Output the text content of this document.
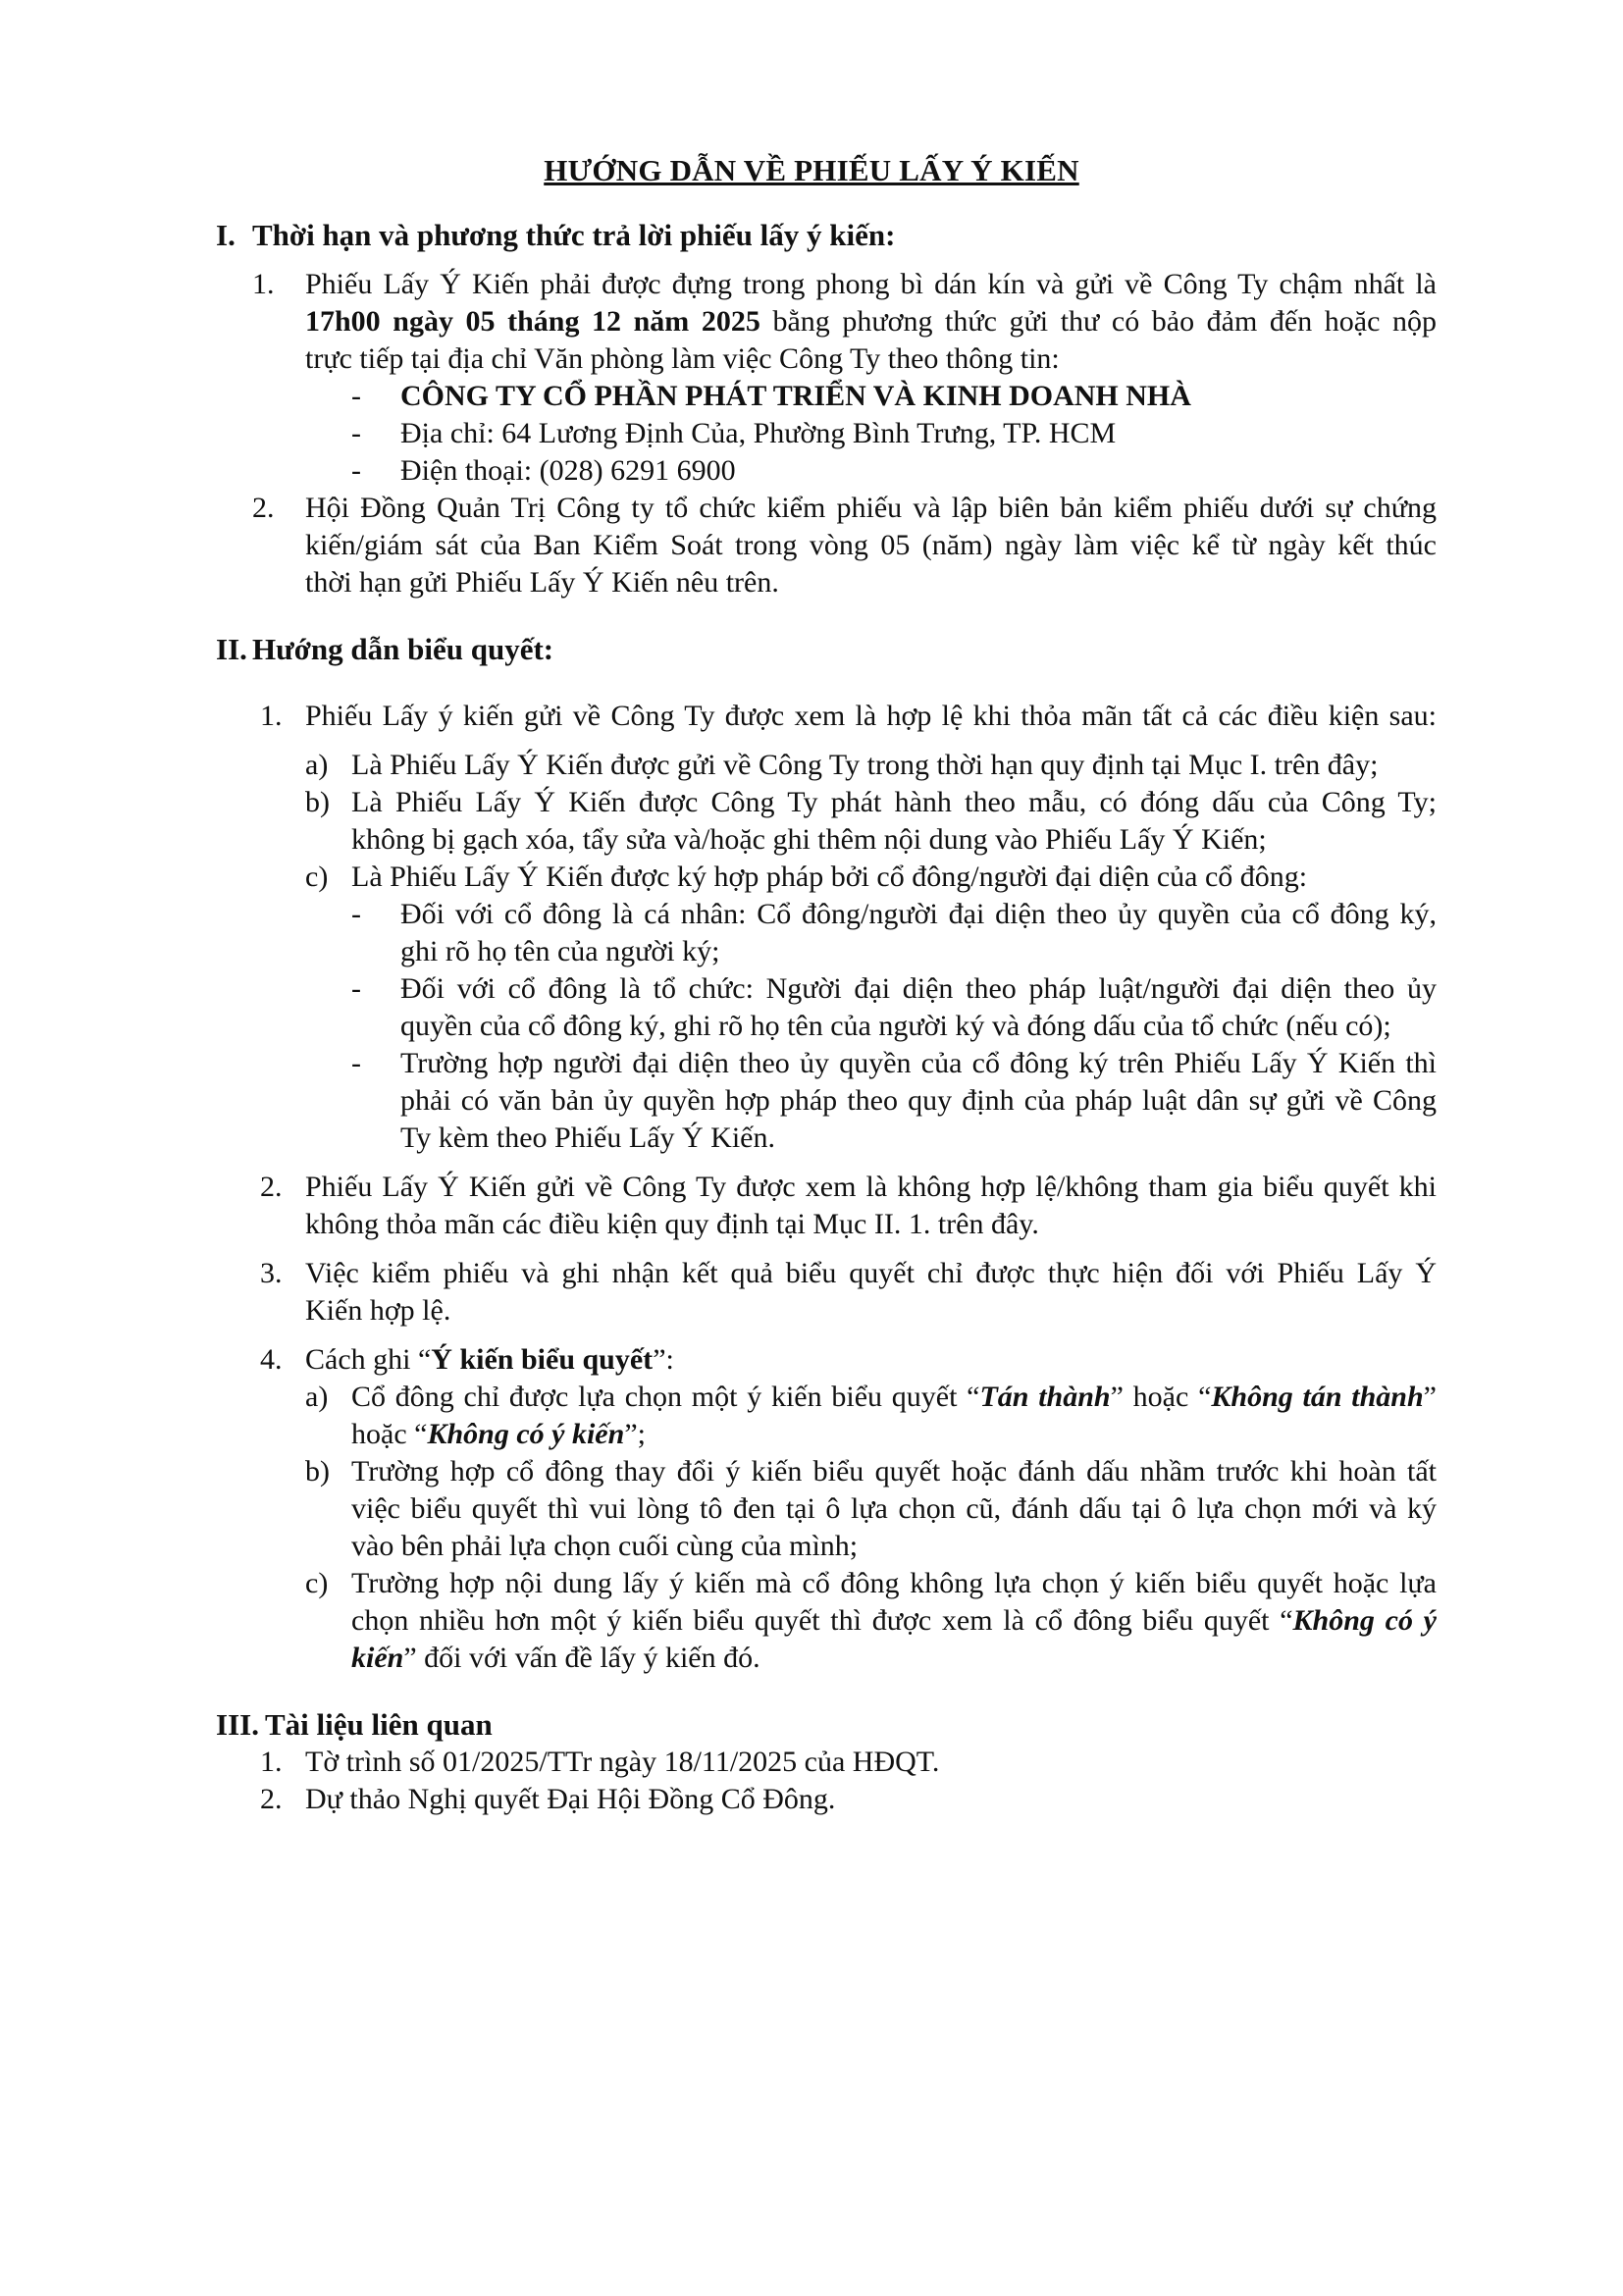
HƯỚNG DẪN VỀ PHIẾU LẤY Ý KIẾN
I. Thời hạn và phương thức trả lời phiếu lấy ý kiến:
1. Phiếu Lấy Ý Kiến phải được đựng trong phong bì dán kín và gửi về Công Ty chậm nhất là
17h00 ngày 05 tháng 12 năm 2025 bằng phương thức gửi thư có bảo đảm đến hoặc nộp
trực tiếp tại địa chỉ Văn phòng làm việc Công Ty theo thông tin:
- CÔNG TY CỔ PHẦN PHÁT TRIỂN VÀ KINH DOANH NHÀ
- Địa chỉ: 64 Lương Định Của, Phường Bình Trưng, TP. HCM
- Điện thoại: (028) 6291 6900
2. Hội Đồng Quản Trị Công ty tổ chức kiểm phiếu và lập biên bản kiểm phiếu dưới sự chứng
kiến/giám sát của Ban Kiểm Soát trong vòng 05 (năm) ngày làm việc kể từ ngày kết thúc
thời hạn gửi Phiếu Lấy Ý Kiến nêu trên.
II. Hướng dẫn biểu quyết:
1. Phiếu Lấy ý kiến gửi về Công Ty được xem là hợp lệ khi thỏa mãn tất cả các điều kiện sau:
a) Là Phiếu Lấy Ý Kiến được gửi về Công Ty trong thời hạn quy định tại Mục I. trên đây;
b) Là Phiếu Lấy Ý Kiến được Công Ty phát hành theo mẫu, có đóng dấu của Công Ty;
không bị gạch xóa, tẩy sửa và/hoặc ghi thêm nội dung vào Phiếu Lấy Ý Kiến;
c) Là Phiếu Lấy Ý Kiến được ký hợp pháp bởi cổ đông/người đại diện của cổ đông:
- Đối với cổ đông là cá nhân: Cổ đông/người đại diện theo ủy quyền của cổ đông ký,
ghi rõ họ tên của người ký;
- Đối với cổ đông là tổ chức: Người đại diện theo pháp luật/người đại diện theo ủy
quyền của cổ đông ký, ghi rõ họ tên của người ký và đóng dấu của tổ chức (nếu có);
- Trường hợp người đại diện theo ủy quyền của cổ đông ký trên Phiếu Lấy Ý Kiến thì
phải có văn bản ủy quyền hợp pháp theo quy định của pháp luật dân sự gửi về Công
Ty kèm theo Phiếu Lấy Ý Kiến.
2. Phiếu Lấy Ý Kiến gửi về Công Ty được xem là không hợp lệ/không tham gia biểu quyết khi
không thỏa mãn các điều kiện quy định tại Mục II. 1. trên đây.
3. Việc kiểm phiếu và ghi nhận kết quả biểu quyết chỉ được thực hiện đối với Phiếu Lấy Ý
Kiến hợp lệ.
4. Cách ghi “Ý kiến biểu quyết”:
a) Cổ đông chỉ được lựa chọn một ý kiến biểu quyết “Tán thành” hoặc “Không tán thành”
hoặc “Không có ý kiến”;
b) Trường hợp cổ đông thay đổi ý kiến biểu quyết hoặc đánh dấu nhầm trước khi hoàn tất
việc biểu quyết thì vui lòng tô đen tại ô lựa chọn cũ, đánh dấu tại ô lựa chọn mới và ký
vào bên phải lựa chọn cuối cùng của mình;
c) Trường hợp nội dung lấy ý kiến mà cổ đông không lựa chọn ý kiến biểu quyết hoặc lựa
chọn nhiều hơn một ý kiến biểu quyết thì được xem là cổ đông biểu quyết “Không có ý
kiến” đối với vấn đề lấy ý kiến đó.
III. Tài liệu liên quan
1. Tờ trình số 01/2025/TTr ngày 18/11/2025 của HĐQT.
2. Dự thảo Nghị quyết Đại Hội Đồng Cổ Đông.
